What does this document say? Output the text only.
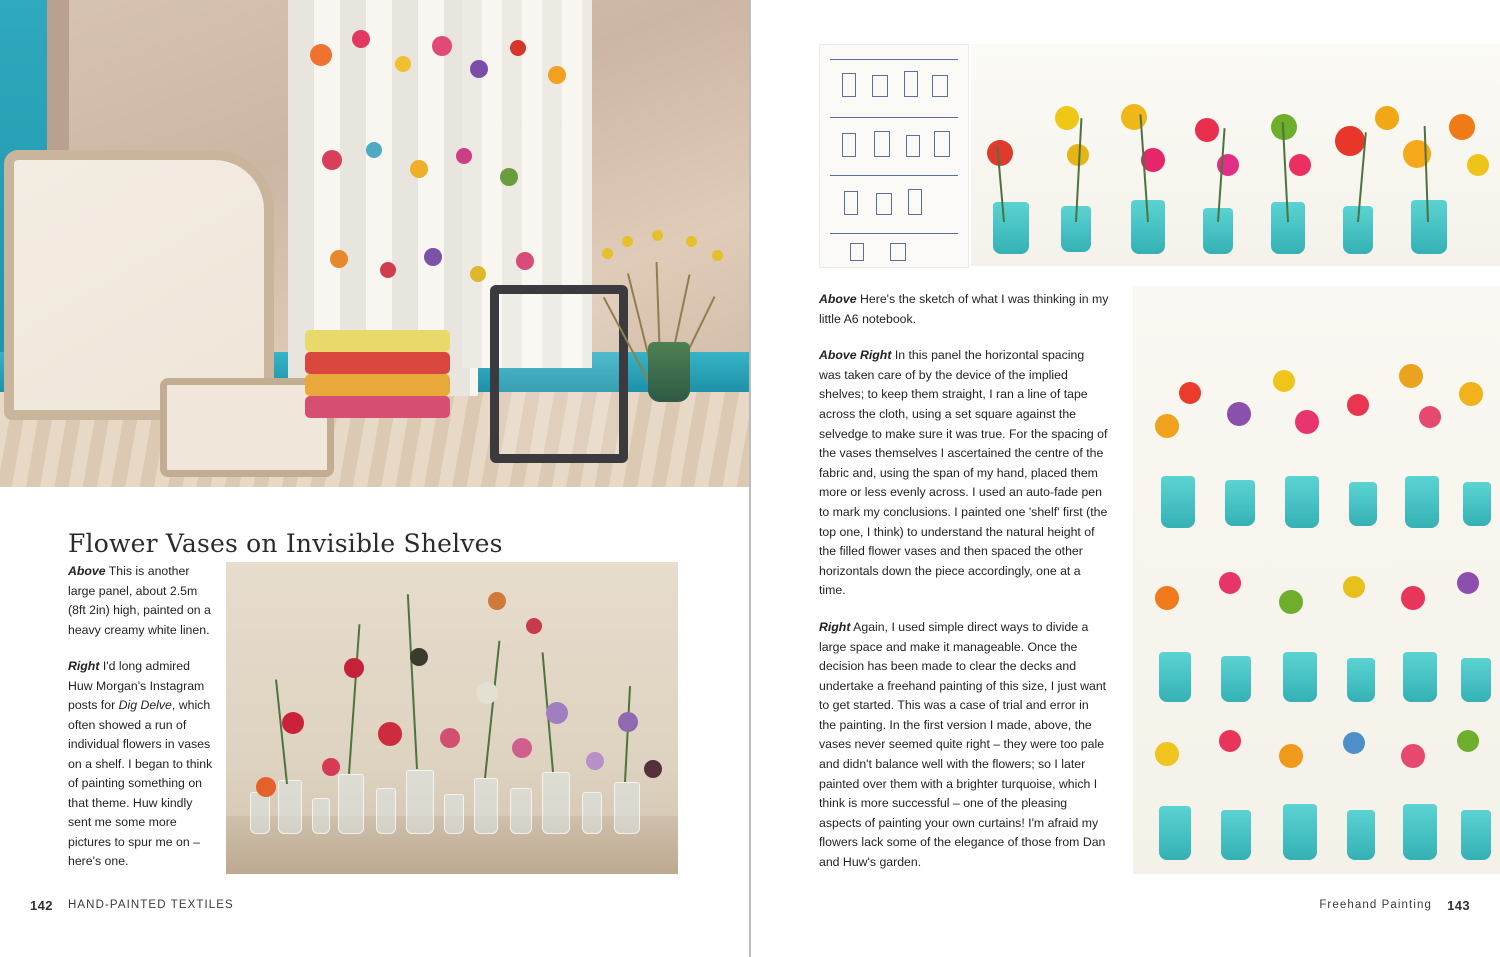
Flower Vases on Invisible Shelves

Above This is another large panel, about 2.5m (8ft 2in) high, painted on a heavy creamy white linen.

Right I'd long admired Huw Morgan's Instagram posts for Dig Delve, which often showed a run of individual flowers in vases on a shelf. I began to think of painting something on that theme. Huw kindly sent me some more pictures to spur me on – here's one.

142 HAND-PAINTED TEXTILES

Above Here's the sketch of what I was thinking in my little A6 notebook.

Above Right In this panel the horizontal spacing was taken care of by the device of the implied shelves; to keep them straight, I ran a line of tape across the cloth, using a set square against the selvedge to make sure it was true. For the spacing of the vases themselves I ascertained the centre of the fabric and, using the span of my hand, placed them more or less evenly across. I used an auto-fade pen to mark my conclusions. I painted one 'shelf' first (the top one, I think) to understand the natural height of the filled flower vases and then spaced the other horizontals down the piece accordingly, one at a time.

Right Again, I used simple direct ways to divide a large space and make it manageable. Once the decision has been made to clear the decks and undertake a freehand painting of this size, I just want to get started. This was a case of trial and error in the painting. In the first version I made, above, the vases never seemed quite right – they were too pale and didn't balance well with the flowers; so I later painted over them with a brighter turquoise, which I think is more successful – one of the pleasing aspects of painting your own curtains! I'm afraid my flowers lack some of the elegance of those from Dan and Huw's garden.

Freehand Painting 143
